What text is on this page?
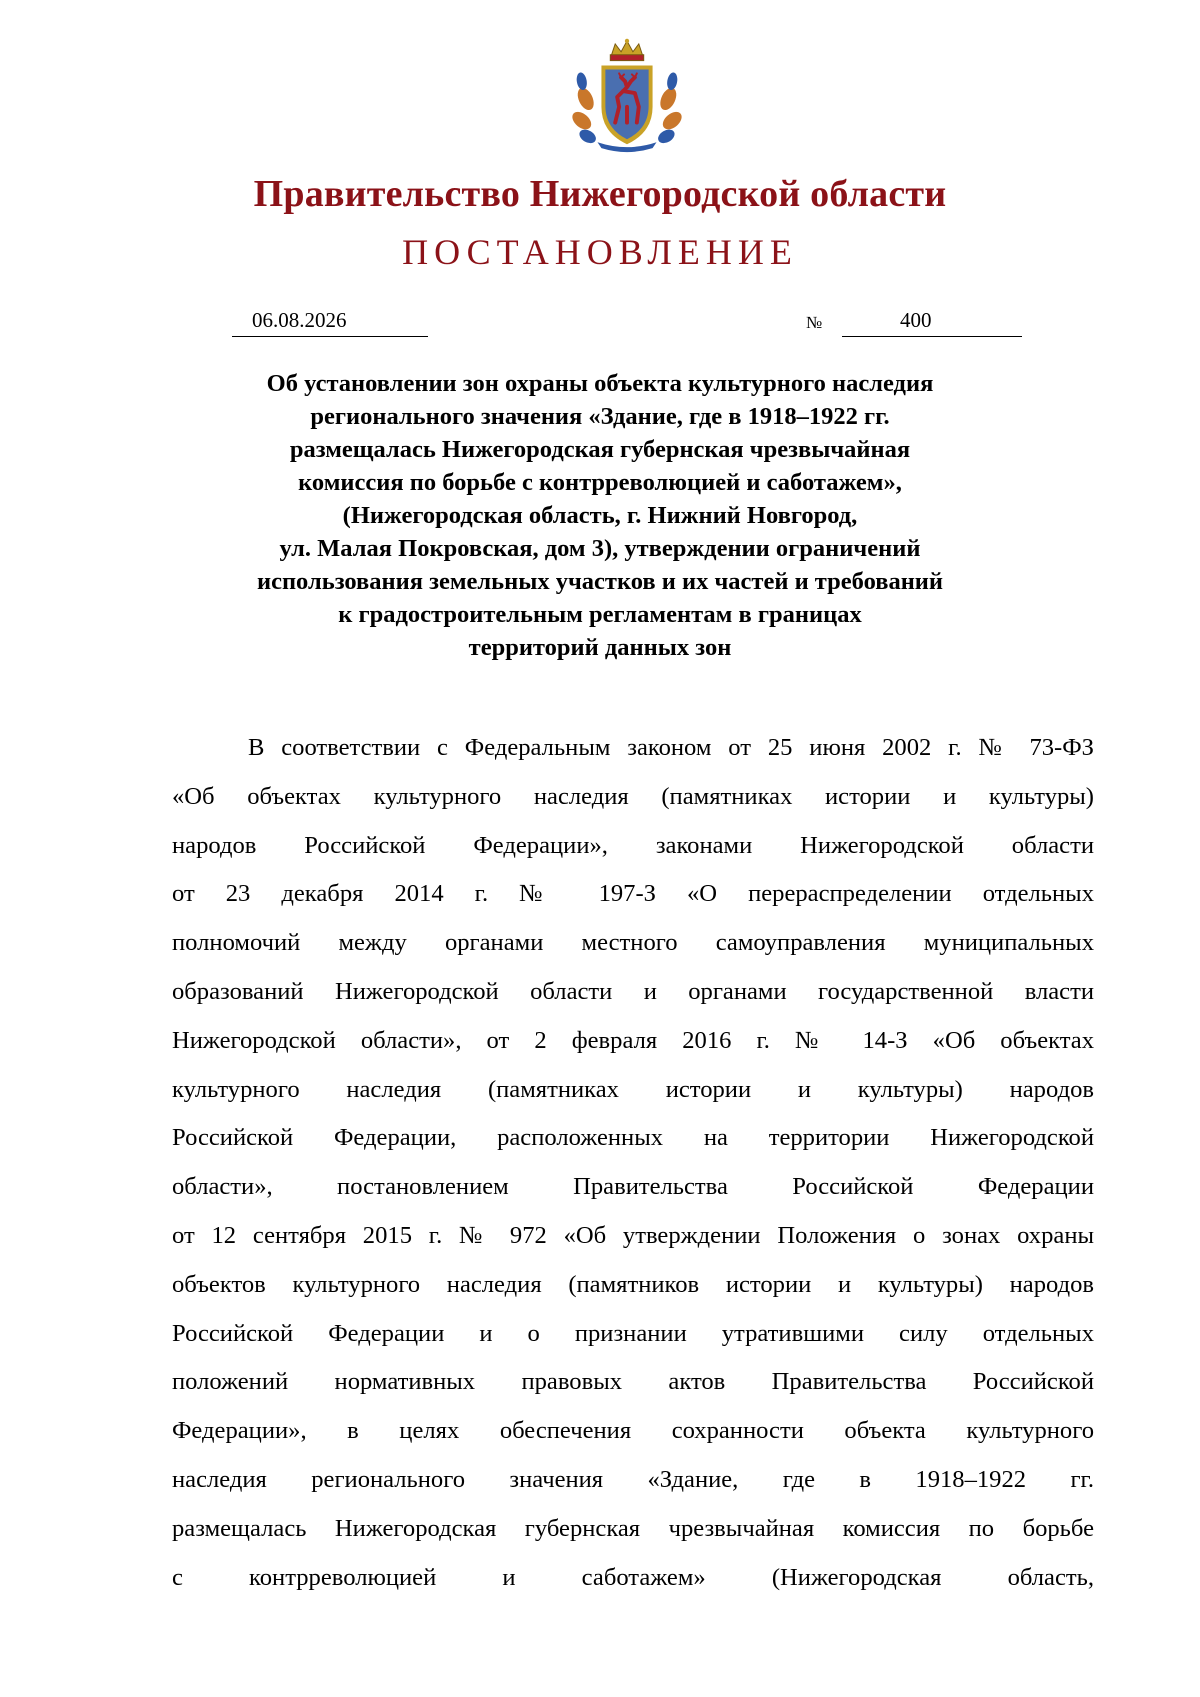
Правительство Нижегородской области
ПОСТАНОВЛЕНИЕ
06.08.2026	№	400
Об установлении зон охраны объекта культурного наследия
регионального значения «Здание, где в 1918–1922 гг.
размещалась Нижегородская губернская чрезвычайная
комиссия по борьбе с контрреволюцией и саботажем»,
(Нижегородская область, г. Нижний Новгород,
ул. Малая Покровская, дом 3), утверждении ограничений
использования земельных участков и их частей и требований
к градостроительным регламентам в границах
территорий данных зон
В соответствии с Федеральным законом от 25 июня 2002 г. № 73-ФЗ
«Об объектах культурного наследия (памятниках истории и культуры)
народов Российской Федерации», законами Нижегородской области
от 23 декабря 2014 г. № 197-З «О перераспределении отдельных
полномочий между органами местного самоуправления муниципальных
образований Нижегородской области и органами государственной власти
Нижегородской области», от 2 февраля 2016 г. № 14-З «Об объектах
культурного наследия (памятниках истории и культуры) народов
Российской Федерации, расположенных на территории Нижегородской
области», постановлением Правительства Российской Федерации
от 12 сентября 2015 г. № 972 «Об утверждении Положения о зонах охраны
объектов культурного наследия (памятников истории и культуры) народов
Российской Федерации и о признании утратившими силу отдельных
положений нормативных правовых актов Правительства Российской
Федерации», в целях обеспечения сохранности объекта культурного
наследия регионального значения «Здание, где в 1918–1922 гг.
размещалась Нижегородская губернская чрезвычайная комиссия по борьбе
с контрреволюцией и саботажем» (Нижегородская область,
